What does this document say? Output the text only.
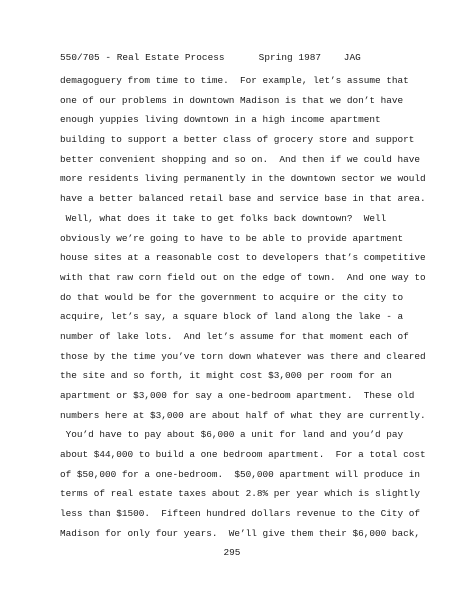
550/705 - Real Estate Process      Spring 1987    JAG
demagoguery from time to time.  For example, let’s assume that
one of our problems in downtown Madison is that we don’t have
enough yuppies living downtown in a high income apartment
building to support a better class of grocery store and support
better convenient shopping and so on.  And then if we could have
more residents living permanently in the downtown sector we would
have a better balanced retail base and service base in that area.
Well, what does it take to get folks back downtown?  Well
obviously we’re going to have to be able to provide apartment
house sites at a reasonable cost to developers that’s competitive
with that raw corn field out on the edge of town.  And one way to
do that would be for the government to acquire or the city to
acquire, let’s say, a square block of land along the lake - a
number of lake lots.  And let’s assume for that moment each of
those by the time you’ve torn down whatever was there and cleared
the site and so forth, it might cost $3,000 per room for an
apartment or $3,000 for say a one-bedroom apartment.  These old
numbers here at $3,000 are about half of what they are currently.
You’d have to pay about $6,000 a unit for land and you’d pay
about $44,000 to build a one bedroom apartment.  For a total cost
of $50,000 for a one-bedroom.  $50,000 apartment will produce in
terms of real estate taxes about 2.8% per year which is slightly
less than $1500.  Fifteen hundred dollars revenue to the City of
Madison for only four years.  We’ll give them their $6,000 back,
295
